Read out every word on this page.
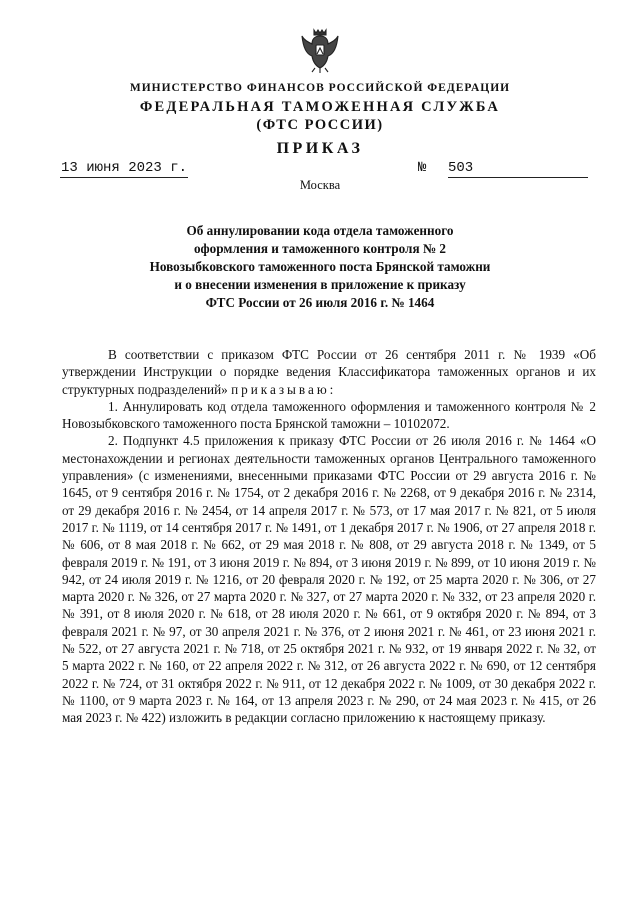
МИНИСТЕРСТВО ФИНАНСОВ РОССИЙСКОЙ ФЕДЕРАЦИИ
ФЕДЕРАЛЬНАЯ ТАМОЖЕННАЯ СЛУЖБА
(ФТС РОССИИ)
ПРИКАЗ
13 июня 2023 г.	№ 503
Москва
Об аннулировании кода отдела таможенного
оформления и таможенного контроля № 2
Новозыбковского таможенного поста Брянской таможни
и о внесении изменения в приложение к приказу
ФТС России от 26 июля 2016 г. № 1464

В соответствии с приказом ФТС России от 26 сентября 2011 г. № 1939 «Об утверждении Инструкции о порядке ведения Классификатора таможенных органов и их структурных подразделений» приказываю:

1. Аннулировать код отдела таможенного оформления и таможенного контроля № 2 Новозыбковского таможенного поста Брянской таможни – 10102072.

2. Подпункт 4.5 приложения к приказу ФТС России от 26 июля 2016 г. № 1464 «О местонахождении и регионах деятельности таможенных органов Центрального таможенного управления» (с изменениями, внесенными приказами ФТС России от 29 августа 2016 г. № 1645, от 9 сентября 2016 г. № 1754, от 2 декабря 2016 г. № 2268, от 9 декабря 2016 г. № 2314, от 29 декабря 2016 г. № 2454, от 14 апреля 2017 г. № 573, от 17 мая 2017 г. № 821, от 5 июля 2017 г. № 1119, от 14 сентября 2017 г. № 1491, от 1 декабря 2017 г. № 1906, от 27 апреля 2018 г. № 606, от 8 мая 2018 г. № 662, от 29 мая 2018 г. № 808, от 29 августа 2018 г. № 1349, от 5 февраля 2019 г. № 191, от 3 июня 2019 г. № 894, от 3 июня 2019 г. № 899, от 10 июня 2019 г. № 942, от 24 июля 2019 г. № 1216, от 20 февраля 2020 г. № 192, от 25 марта 2020 г. № 306, от 27 марта 2020 г. № 326, от 27 марта 2020 г. № 327, от 27 марта 2020 г. № 332, от 23 апреля 2020 г. № 391, от 8 июля 2020 г. № 618, от 28 июля 2020 г. № 661, от 9 октября 2020 г. № 894, от 3 февраля 2021 г. № 97, от 30 апреля 2021 г. № 376, от 2 июня 2021 г. № 461, от 23 июня 2021 г. № 522, от 27 августа 2021 г. № 718, от 25 октября 2021 г. № 932, от 19 января 2022 г. № 32, от 5 марта 2022 г. № 160, от 22 апреля 2022 г. № 312, от 26 августа 2022 г. № 690, от 12 сентября 2022 г. № 724, от 31 октября 2022 г. № 911, от 12 декабря 2022 г. № 1009, от 30 декабря 2022 г. № 1100, от 9 марта 2023 г. № 164, от 13 апреля 2023 г. № 290, от 24 мая 2023 г. № 415, от 26 мая 2023 г. № 422) изложить в редакции согласно приложению к настоящему приказу.
